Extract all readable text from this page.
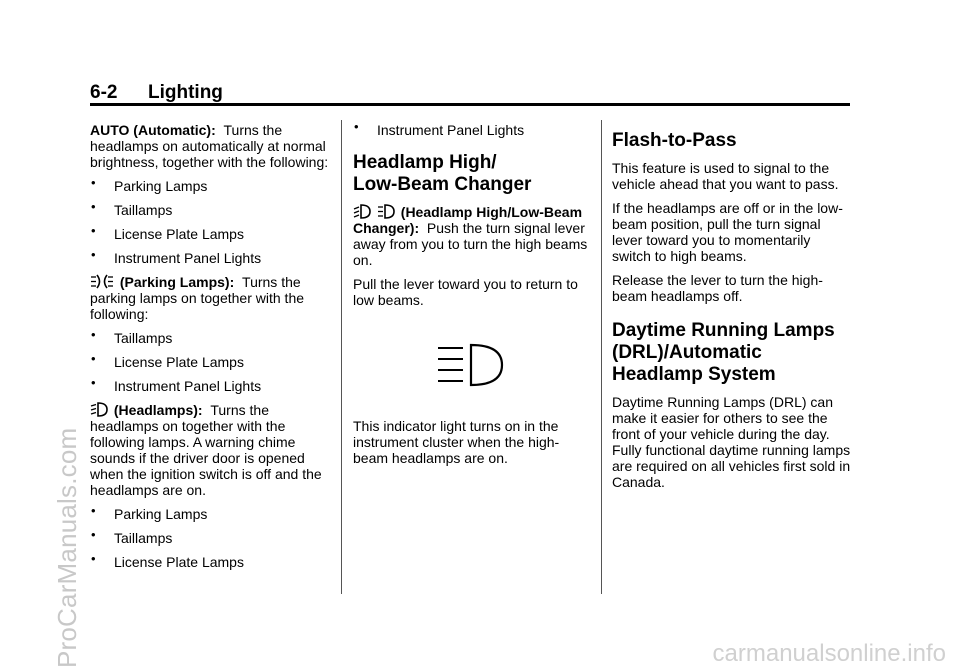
6-2 Lighting

AUTO (Automatic): Turns the headlamps on automatically at normal brightness, together with the following:

• Parking Lamps
• Taillamps
• License Plate Lamps
• Instrument Panel Lights

(Parking Lamps): Turns the parking lamps on together with the following:

• Taillamps
• License Plate Lamps
• Instrument Panel Lights

(Headlamps): Turns the headlamps on together with the following lamps. A warning chime sounds if the driver door is opened when the ignition switch is off and the headlamps are on.

• Parking Lamps
• Taillamps
• License Plate Lamps
• Instrument Panel Lights
Headlamp High/
Low-Beam Changer

(Headlamp High/Low-Beam Changer): Push the turn signal lever away from you to turn the high beams on.

Pull the lever toward you to return to low beams.

This indicator light turns on in the instrument cluster when the high-beam headlamps are on.

Flash-to-Pass

This feature is used to signal to the vehicle ahead that you want to pass.

If the headlamps are off or in the low-beam position, pull the turn signal lever toward you to momentarily switch to high beams.

Release the lever to turn the high-beam headlamps off.

Daytime Running Lamps
(DRL)/Automatic
Headlamp System

Daytime Running Lamps (DRL) can make it easier for others to see the front of your vehicle during the day. Fully functional daytime running lamps are required on all vehicles first sold in Canada.

ProCarManuals.com	carmanualsonline.info
